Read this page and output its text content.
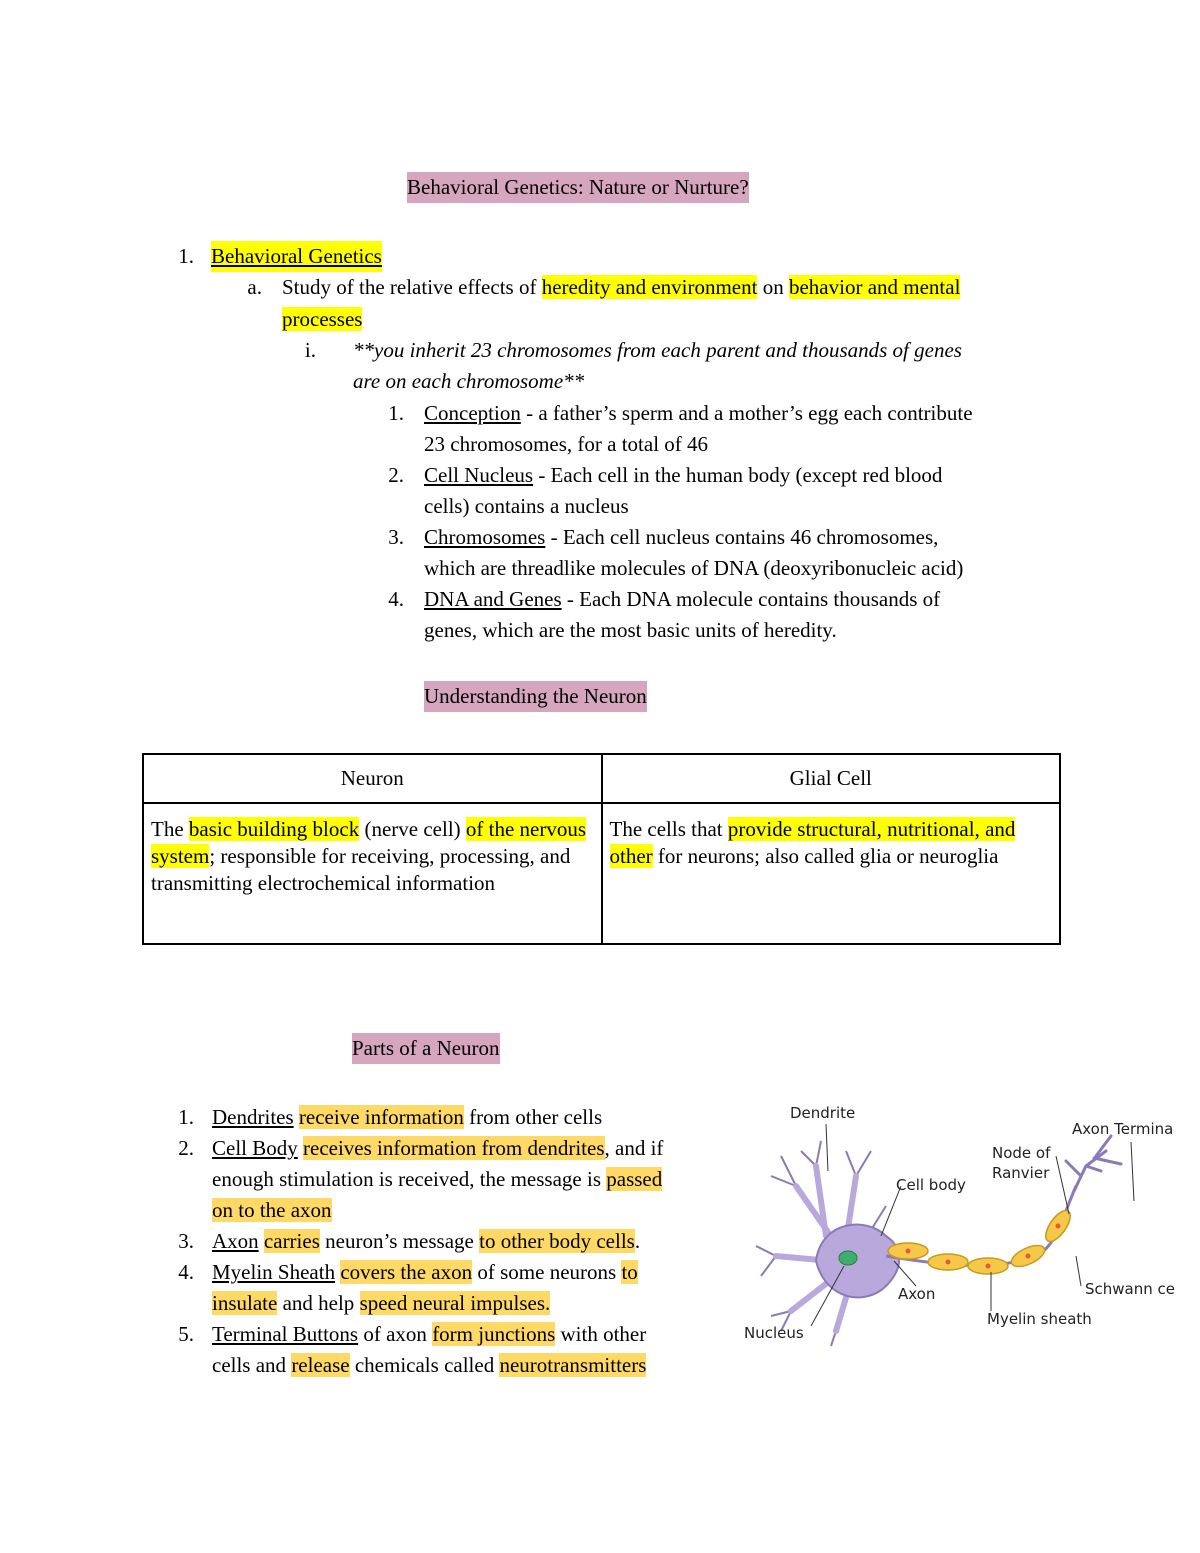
Behavioral Genetics: Nature or Nurture?
1. Behavioral Genetics
a. Study of the relative effects of heredity and environment on behavior and mental
processes
i. **you inherit 23 chromosomes from each parent and thousands of genes
are on each chromosome**
1. Conception - a father’s sperm and a mother’s egg each contribute
23 chromosomes, for a total of 46
2. Cell Nucleus - Each cell in the human body (except red blood
cells) contains a nucleus
3. Chromosomes - Each cell nucleus contains 46 chromosomes,
which are threadlike molecules of DNA (deoxyribonucleic acid)
4. DNA and Genes - Each DNA molecule contains thousands of
genes, which are the most basic units of heredity.
Understanding the Neuron
Neuron	Glial Cell
The basic building block (nerve cell) of the nervous system; responsible for receiving, processing, and transmitting electrochemical information	The cells that provide structural, nutritional, and other for neurons; also called glia or neuroglia
Parts of a Neuron
1. Dendrites receive information from other cells
2. Cell Body receives information from dendrites, and if
enough stimulation is received, the message is passed
on to the axon
3. Axon carries neuron’s message to other body cells.
4. Myelin Sheath covers the axon of some neurons to
insulate and help speed neural impulses.
5. Terminal Buttons of axon form junctions with other
cells and release chemicals called neurotransmitters
Dendrite
Cell body
Node of
Ranvier
Axon Termina
Schwann ce
Axon
Myelin sheath
Nucleus
